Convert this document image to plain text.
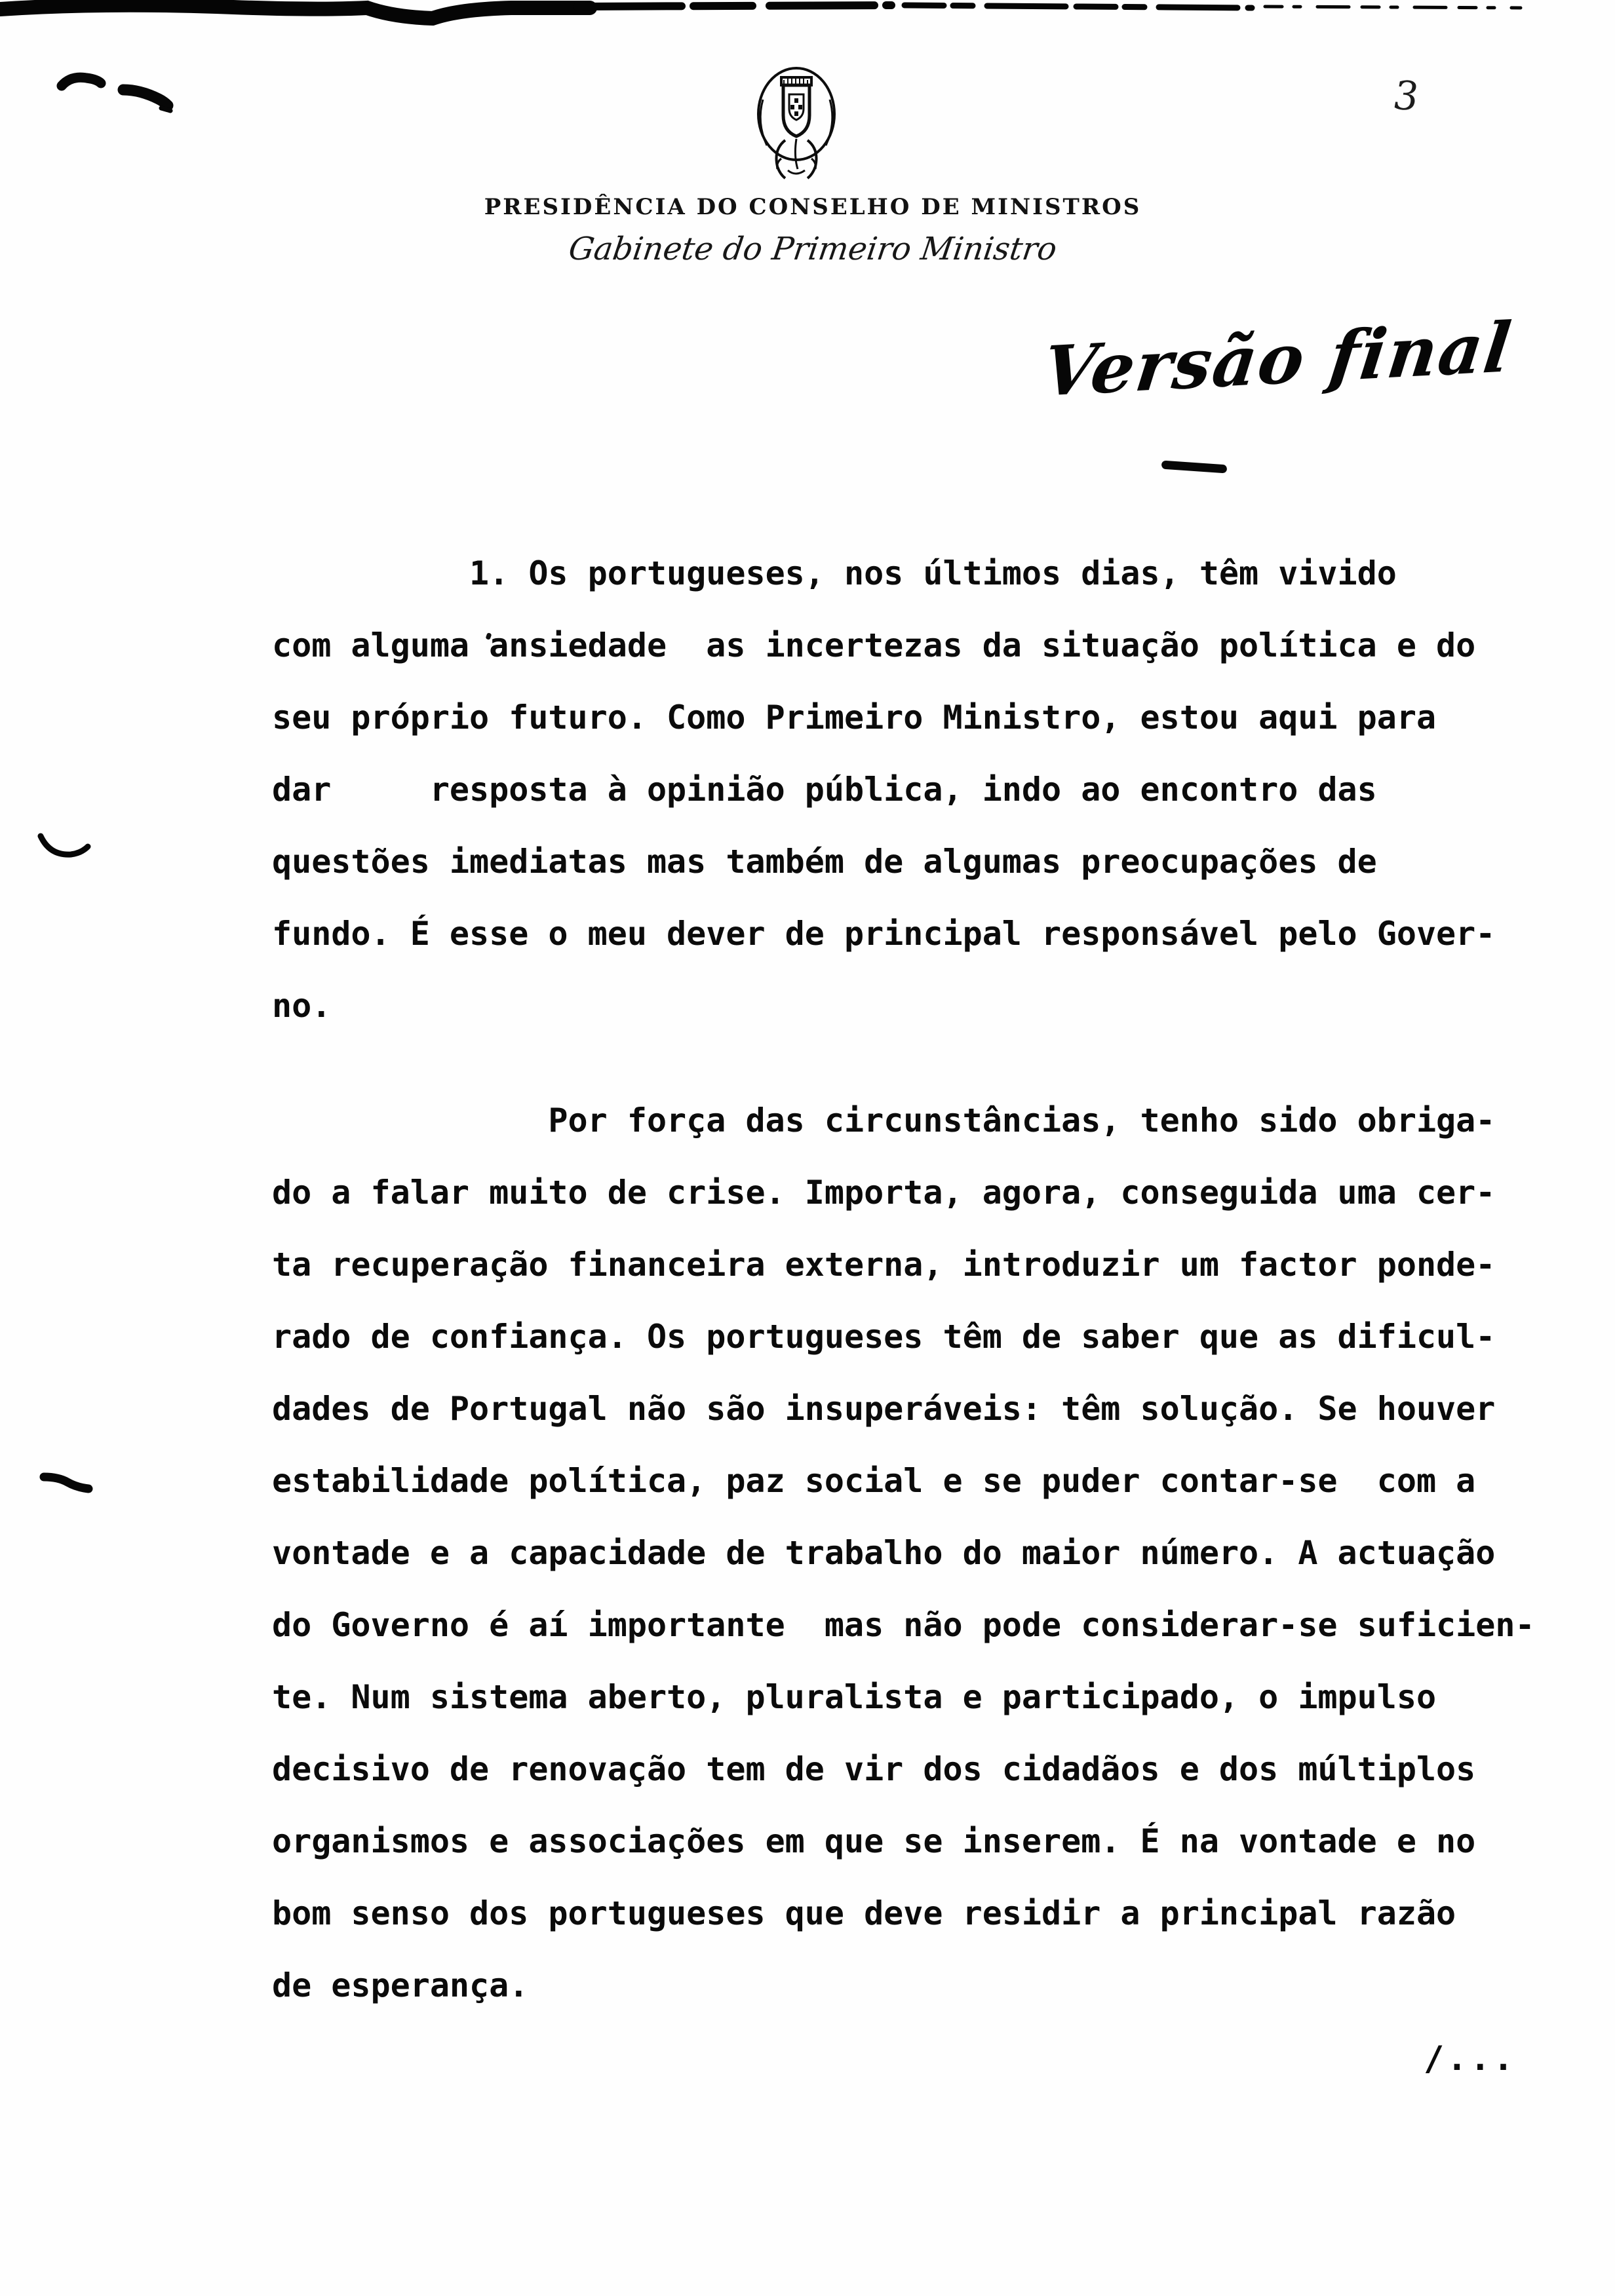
PRESIDÊNCIA DO CONSELHO DE MINISTROS
Gabinete do Primeiro Ministro
3
Versão final
1. Os portugueses, nos últimos dias, têm vivido
com alguma ansiedade  as incertezas da situação política e do
seu próprio futuro. Como Primeiro Ministro, estou aqui para
dar     resposta à opinião pública, indo ao encontro das
questões imediatas mas também de algumas preocupações de
fundo. É esse o meu dever de principal responsável pelo Gover-
no.
Por força das circunstâncias, tenho sido obriga-
do a falar muito de crise. Importa, agora, conseguida uma cer-
ta recuperação financeira externa, introduzir um factor ponde-
rado de confiança. Os portugueses têm de saber que as dificul-
dades de Portugal não são insuperáveis: têm solução. Se houver
estabilidade política, paz social e se puder contar-se  com a
vontade e a capacidade de trabalho do maior número. A actuação
do Governo é aí importante  mas não pode considerar-se suficien-
te. Num sistema aberto, pluralista e participado, o impulso
decisivo de renovação tem de vir dos cidadãos e dos múltiplos
organismos e associações em que se inserem. É na vontade e no
bom senso dos portugueses que deve residir a principal razão
de esperança.
/...
